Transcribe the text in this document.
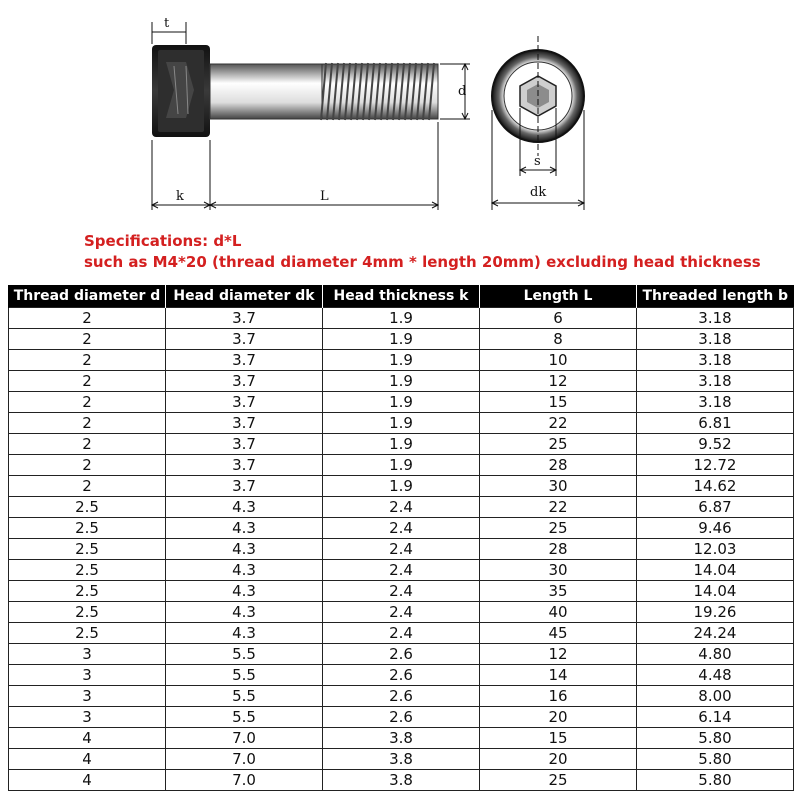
t
d
k	L
s
dk
Specifications: d*L
such as M4*20 (thread diameter 4mm * length 20mm) excluding head thickness
Thread diameter d	Head diameter dk	Head thickness k	Length L	Threaded length b
2	3.7	1.9	6	3.18
2	3.7	1.9	8	3.18
2	3.7	1.9	10	3.18
2	3.7	1.9	12	3.18
2	3.7	1.9	15	3.18
2	3.7	1.9	22	6.81
2	3.7	1.9	25	9.52
2	3.7	1.9	28	12.72
2	3.7	1.9	30	14.62
2.5	4.3	2.4	22	6.87
2.5	4.3	2.4	25	9.46
2.5	4.3	2.4	28	12.03
2.5	4.3	2.4	30	14.04
2.5	4.3	2.4	35	14.04
2.5	4.3	2.4	40	19.26
2.5	4.3	2.4	45	24.24
3	5.5	2.6	12	4.80
3	5.5	2.6	14	4.48
3	5.5	2.6	16	8.00
3	5.5	2.6	20	6.14
4	7.0	3.8	15	5.80
4	7.0	3.8	20	5.80
4	7.0	3.8	25	5.80
